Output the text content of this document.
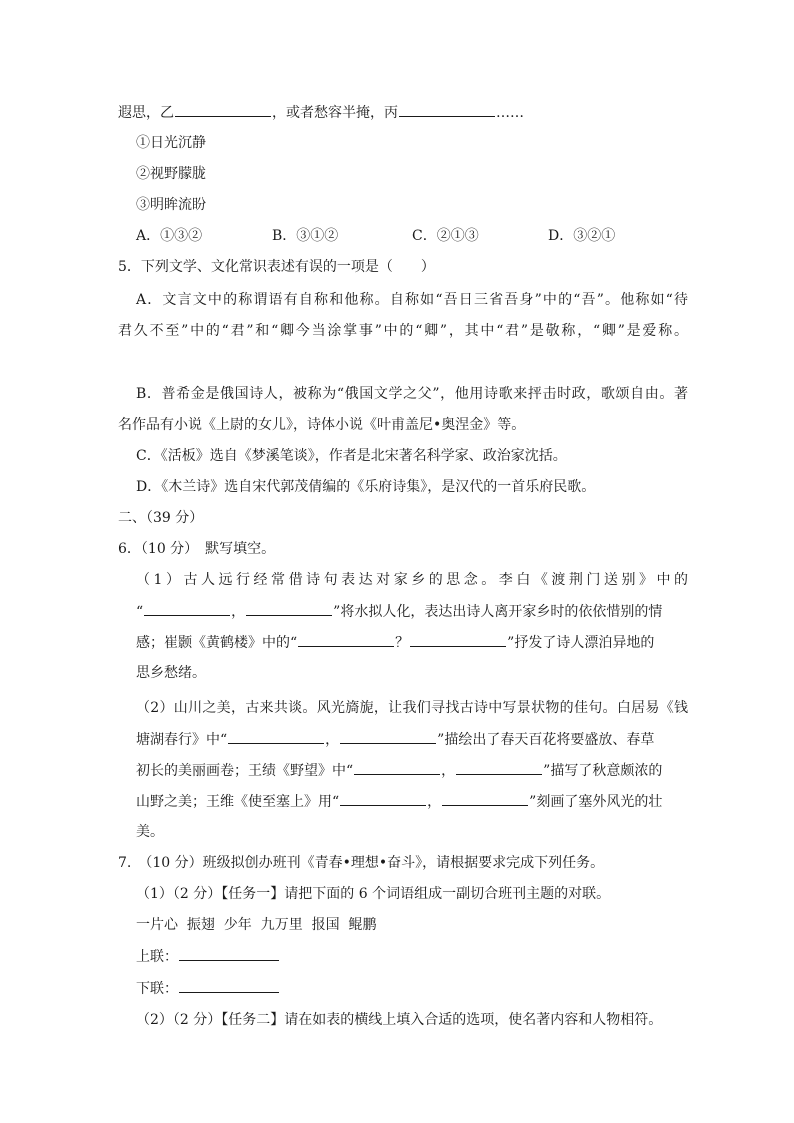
遐思，乙	，或者愁容半掩，丙	……
①日光沉静
②视野朦胧
③明眸流盼
A．①③②	B．③①②	C．②①③	D．③②①
5．下列文学、文化常识表述有误的一项是（　　）
A．文言文中的称谓语有自称和他称。自称如“吾日三省吾身”中的“吾”。他称如“待
君久不至”中的“君”和“卿今当涂掌事”中的“卿”，其中“君”是敬称，“卿”是爱称。
B．普希金是俄国诗人，被称为“俄国文学之父”，他用诗歌来抨击时政，歌颂自由。著
名作品有小说《上尉的女儿》，诗体小说《叶甫盖尼•奥涅金》等。
C．《活板》选自《梦溪笔谈》，作者是北宋著名科学家、政治家沈括。
D．《木兰诗》选自宋代郭茂倩编的《乐府诗集》，是汉代的一首乐府民歌。
二、（39 分）
6．（10 分）　默写填空。
（1）古人远行经常借诗句表达对家乡的思念。李白《渡荆门送别》中的
“	，	”将水拟人化，表达出诗人离开家乡时的依依惜别的情
感；崔颢《黄鹤楼》中的“	？	”抒发了诗人漂泊异地的
思乡愁绪。
（2）山川之美，古来共谈。风光旖旎，让我们寻找古诗中写景状物的佳句。白居易《钱
塘湖春行》中“	，	”描绘出了春天百花将要盛放、春草
初长的美丽画卷；王绩《野望》中“	，	”描写了秋意颇浓的
山野之美；王维《使至塞上》用“	，	”刻画了塞外风光的壮
美。
7.　（10 分）班级拟创办班刊《青春•理想•奋斗》，请根据要求完成下列任务。
（1）（2 分）【任务一】请把下面的 6 个词语组成一副切合班刊主题的对联。
一片心  振翅  少年  九万里  报国  鲲鹏
上联：
下联：
（2）（2 分）【任务二】请在如表的横线上填入合适的选项，使名著内容和人物相符。
